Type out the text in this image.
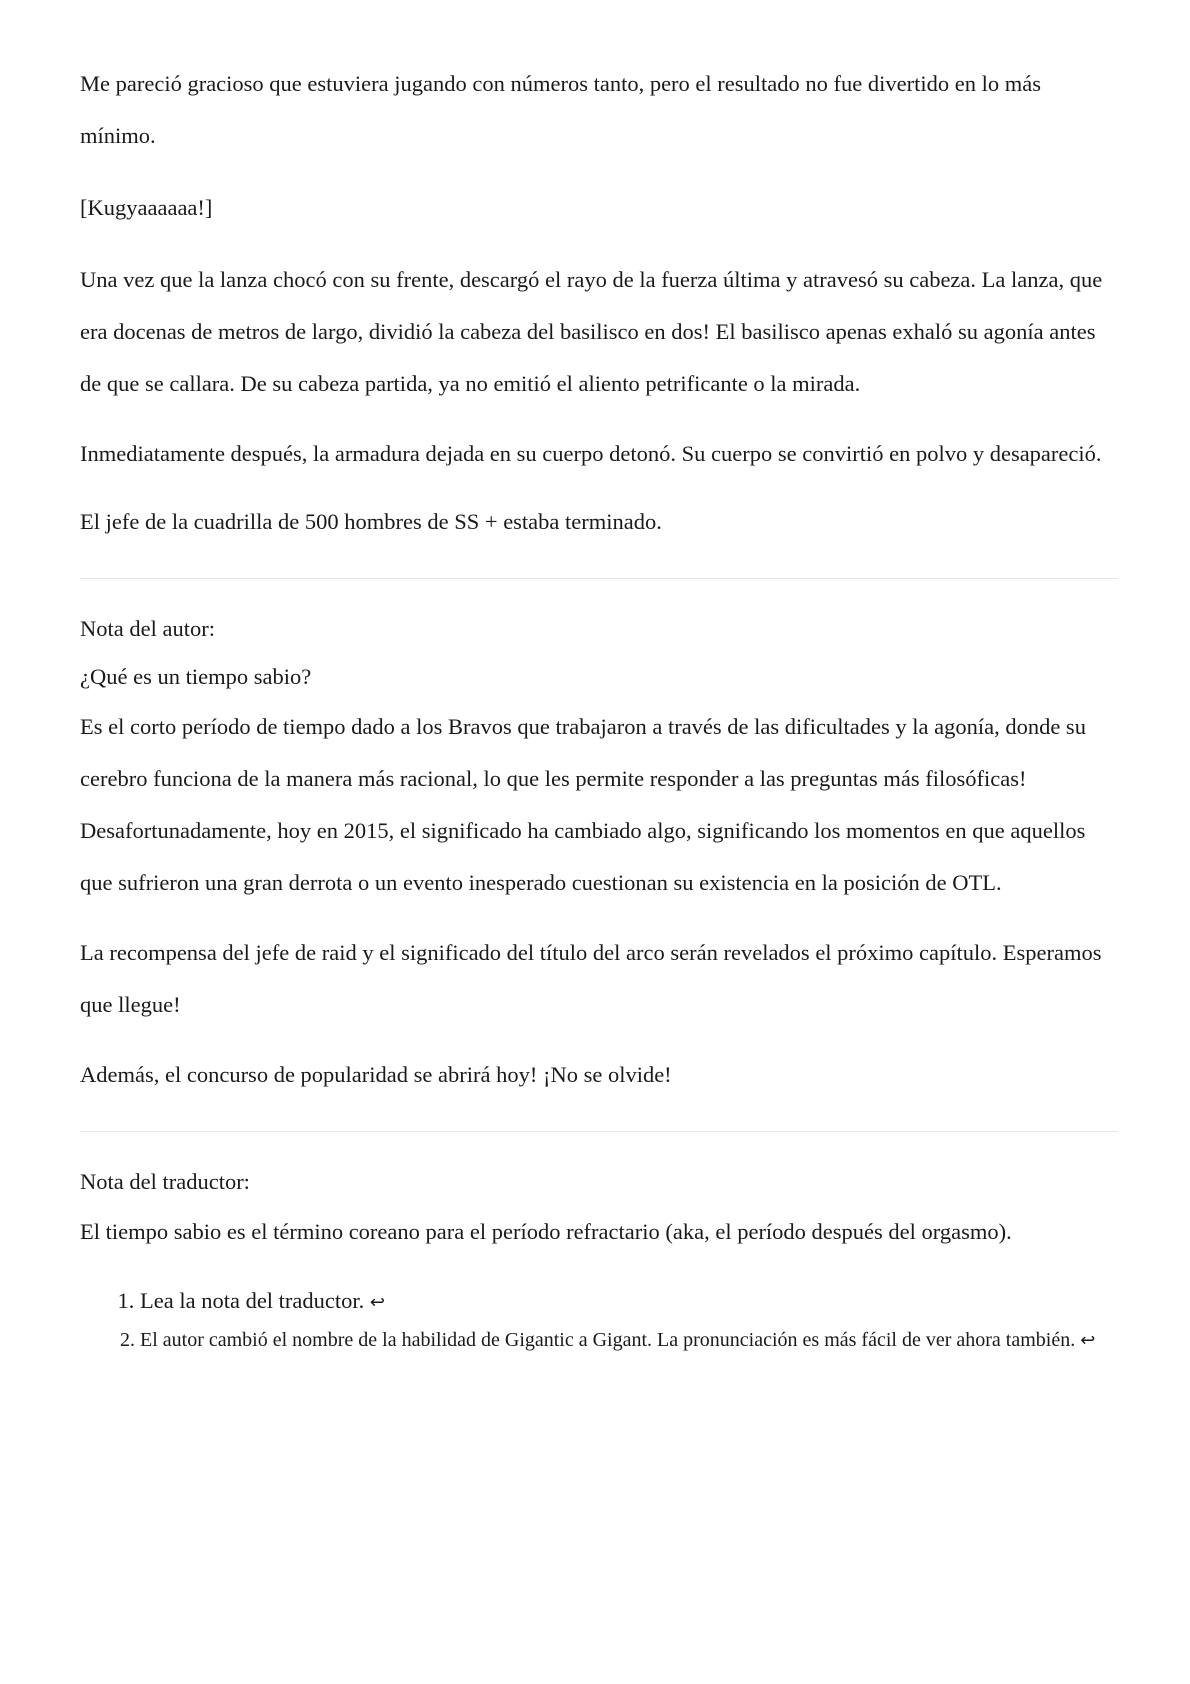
Me pareció gracioso que estuviera jugando con números tanto, pero el resultado no fue divertido en lo más mínimo.

[Kugyaaaaaa!]

Una vez que la lanza chocó con su frente, descargó el rayo de la fuerza última y atravesó su cabeza. La lanza, que era docenas de metros de largo, dividió la cabeza del basilisco en dos! El basilisco apenas exhaló su agonía antes de que se callara. De su cabeza partida, ya no emitió el aliento petrificante o la mirada.

Inmediatamente después, la armadura dejada en su cuerpo detonó. Su cuerpo se convirtió en polvo y desapareció.

El jefe de la cuadrilla de 500 hombres de SS + estaba terminado.

Nota del autor:

¿Qué es un tiempo sabio?

Es el corto período de tiempo dado a los Bravos que trabajaron a través de las dificultades y la agonía, donde su cerebro funciona de la manera más racional, lo que les permite responder a las preguntas más filosóficas! Desafortunadamente, hoy en 2015, el significado ha cambiado algo, significando los momentos en que aquellos que sufrieron una gran derrota o un evento inesperado cuestionan su existencia en la posición de OTL.

La recompensa del jefe de raid y el significado del título del arco serán revelados el próximo capítulo. Esperamos que llegue!

Además, el concurso de popularidad se abrirá hoy! ¡No se olvide!

Nota del traductor:

El tiempo sabio es el término coreano para el período refractario (aka, el período después del orgasmo).

1. Lea la nota del traductor. ↩
2. El autor cambió el nombre de la habilidad de Gigantic a Gigant. La pronunciación es más fácil de ver ahora también. ↩
